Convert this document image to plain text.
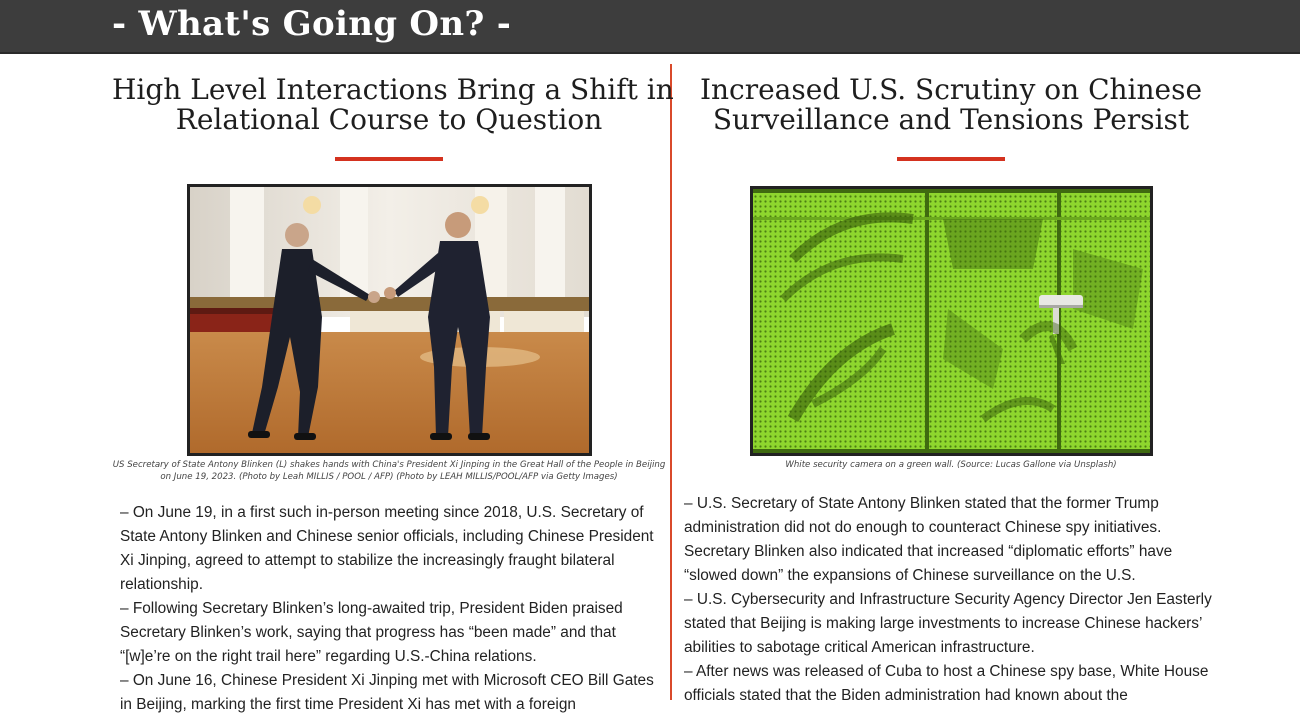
- What's Going On? -
High Level Interactions Bring a Shift in
Relational Course to Question

US Secretary of State Antony Blinken (L) shakes hands with China's President Xi Jinping in the Great Hall of the People in Beijing on June 19, 2023. (Photo by Leah MILLIS / POOL / AFP) (Photo by LEAH MILLIS/POOL/AFP via Getty Images)

– On June 19, in a first such in-person meeting since 2018, U.S. Secretary of State Antony Blinken and Chinese senior officials, including Chinese President Xi Jinping, agreed to attempt to stabilize the increasingly fraught bilateral relationship.

– Following Secretary Blinken’s long-awaited trip, President Biden praised Secretary Blinken’s work, saying that progress has “been made” and that “[w]e’re on the right trail here” regarding U.S.-China relations.

– On June 16, Chinese President Xi Jinping met with Microsoft CEO Bill Gates in Beijing, marking the first time President Xi has met with a foreign

Increased U.S. Scrutiny on Chinese
Surveillance and Tensions Persist

White security camera on a green wall. (Source: Lucas Gallone via Unsplash)

– U.S. Secretary of State Antony Blinken stated that the former Trump administration did not do enough to counteract Chinese spy initiatives. Secretary Blinken also indicated that increased “diplomatic efforts” have “slowed down” the expansions of Chinese surveillance on the U.S.

– U.S. Cybersecurity and Infrastructure Security Agency Director Jen Easterly stated that Beijing is making large investments to increase Chinese hackers’ abilities to sabotage critical American infrastructure.

– After news was released of Cuba to host a Chinese spy base, White House officials stated that the Biden administration had known about the
